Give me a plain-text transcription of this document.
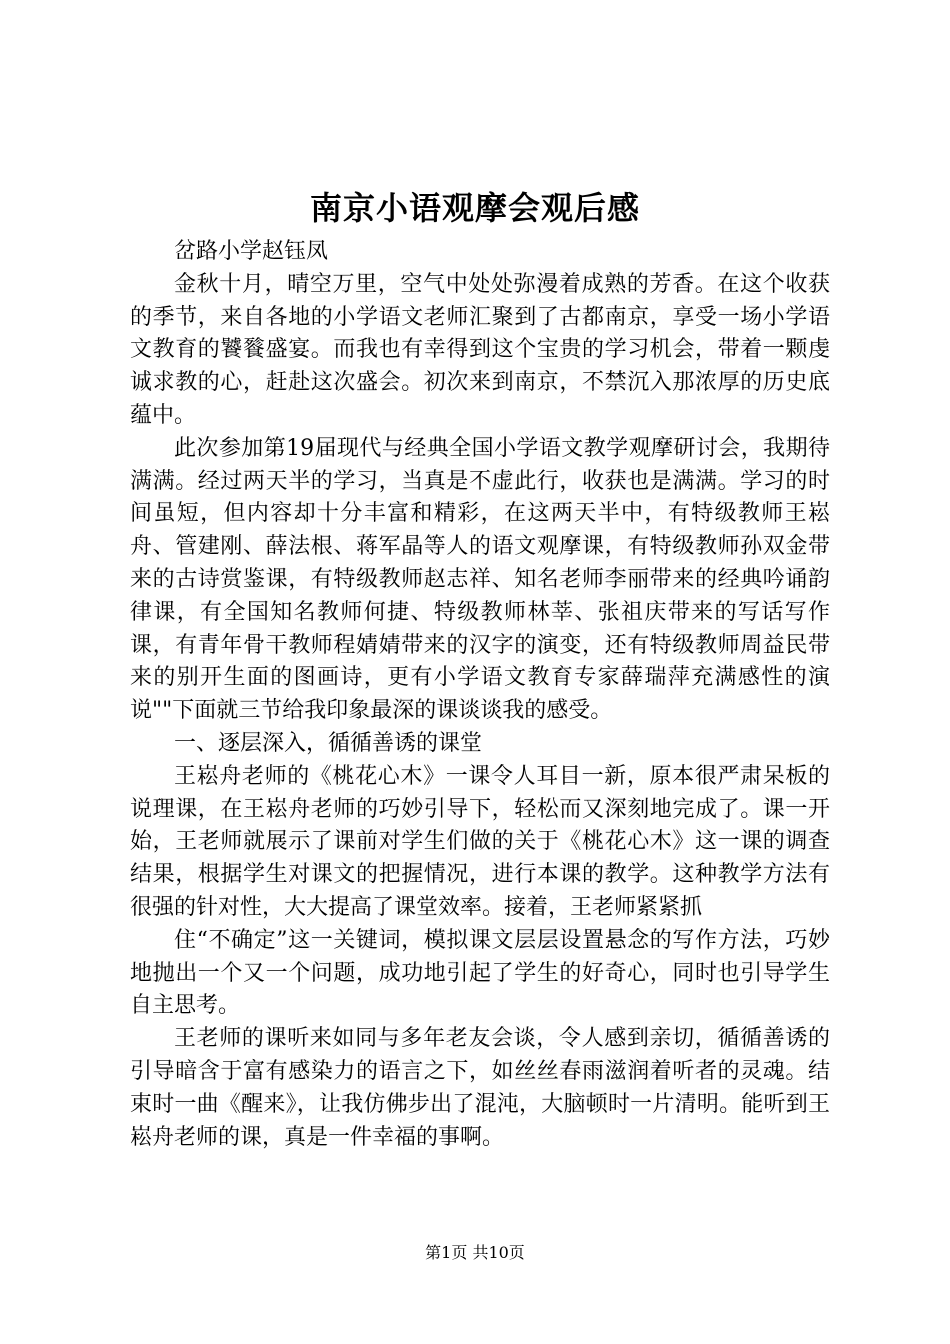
南京小语观摩会观后感

岔路小学赵钰凤

金秋十月，晴空万里，空气中处处弥漫着成熟的芳香。在这个收获的季节，来自各地的小学语文老师汇聚到了古都南京，享受一场小学语文教育的饕餮盛宴。而我也有幸得到这个宝贵的学习机会，带着一颗虔诚求教的心，赶赴这次盛会。初次来到南京，不禁沉入那浓厚的历史底蕴中。

此次参加第19届现代与经典全国小学语文教学观摩研讨会，我期待满满。经过两天半的学习，当真是不虚此行，收获也是满满。学习的时间虽短，但内容却十分丰富和精彩，在这两天半中，有特级教师王崧舟、管建刚、薛法根、蒋军晶等人的语文观摩课，有特级教师孙双金带来的古诗赏鉴课，有特级教师赵志祥、知名老师李丽带来的经典吟诵韵律课，有全国知名教师何捷、特级教师林莘、张祖庆带来的写话写作课，有青年骨干教师程婧婧带来的汉字的演变，还有特级教师周益民带来的别开生面的图画诗，更有小学语文教育专家薛瑞萍充满感性的演说""下面就三节给我印象最深的课谈谈我的感受。

一、逐层深入，循循善诱的课堂

王崧舟老师的《桃花心木》一课令人耳目一新，原本很严肃呆板的说理课，在王崧舟老师的巧妙引导下，轻松而又深刻地完成了。课一开始，王老师就展示了课前对学生们做的关于《桃花心木》这一课的调查结果，根据学生对课文的把握情况，进行本课的教学。这种教学方法有很强的针对性，大大提高了课堂效率。接着，王老师紧紧抓

住“不确定”这一关键词，模拟课文层层设置悬念的写作方法，巧妙地抛出一个又一个问题，成功地引起了学生的好奇心，同时也引导学生自主思考。

王老师的课听来如同与多年老友会谈，令人感到亲切，循循善诱的引导暗含于富有感染力的语言之下，如丝丝春雨滋润着听者的灵魂。结束时一曲《醒来》，让我仿佛步出了混沌，大脑顿时一片清明。能听到王崧舟老师的课，真是一件幸福的事啊。

第1页 共10页
